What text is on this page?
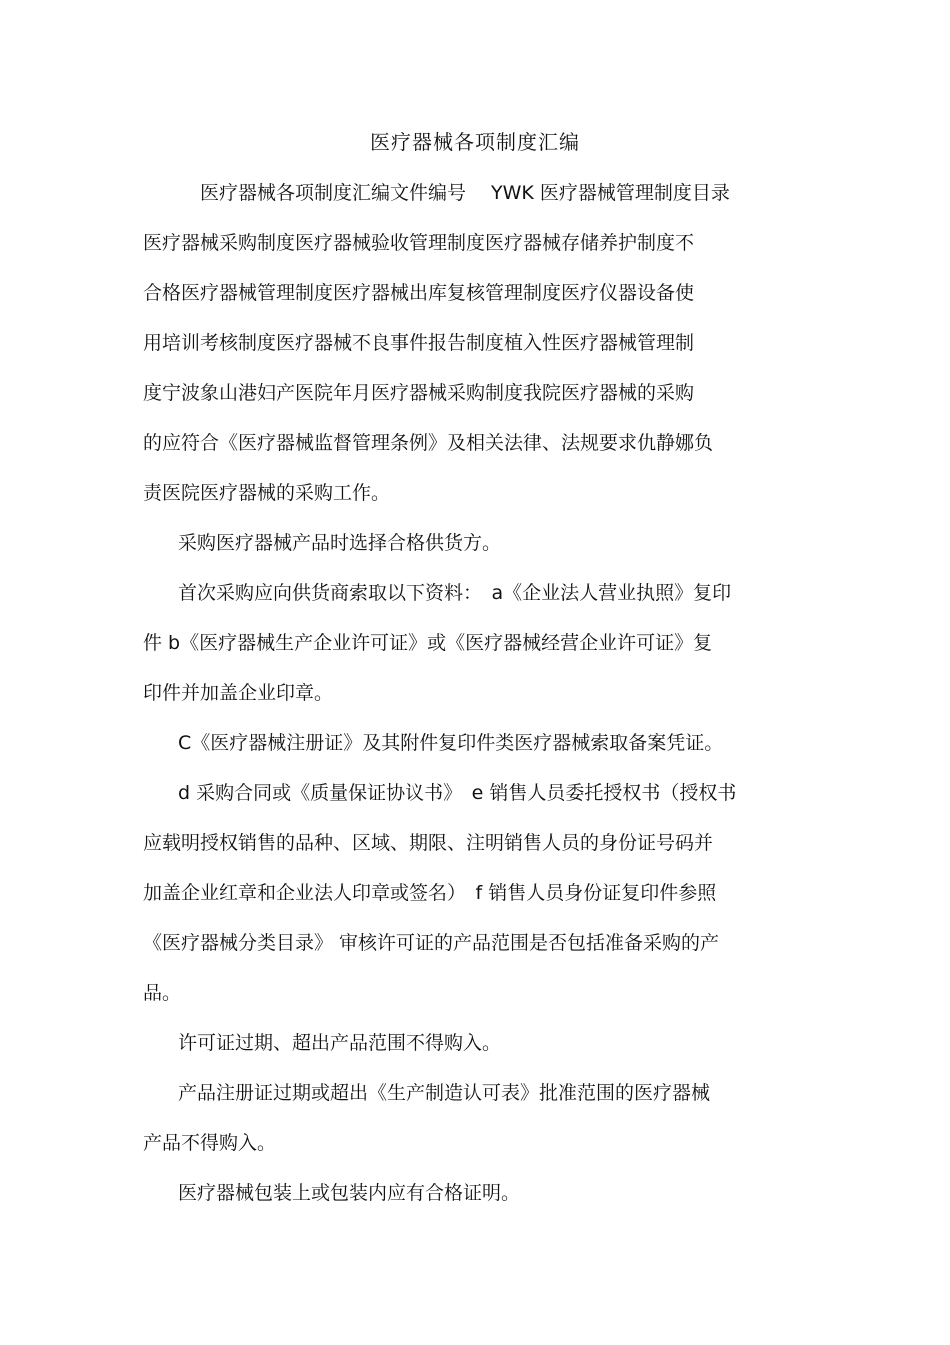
医疗器械各项制度汇编
医疗器械各项制度汇编文件编号　 YWK 医疗器械管理制度目录
医疗器械采购制度医疗器械验收管理制度医疗器械存储养护制度不
合格医疗器械管理制度医疗器械出库复核管理制度医疗仪器设备使
用培训考核制度医疗器械不良事件报告制度植入性医疗器械管理制
度宁波象山港妇产医院年月医疗器械采购制度我院医疗器械的采购
的应符合《医疗器械监督管理条例》及相关法律、法规要求仇静娜负
责医院医疗器械的采购工作。
采购医疗器械产品时选择合格供货方。
首次采购应向供货商索取以下资料：　a《企业法人营业执照》复印
件 b《医疗器械生产企业许可证》或《医疗器械经营企业许可证》复
印件并加盖企业印章。
C《医疗器械注册证》及其附件复印件类医疗器械索取备案凭证。
d 采购合同或《质量保证协议书》　e 销售人员委托授权书（授权书
应载明授权销售的品种、区域、期限、注明销售人员的身份证号码并
加盖企业红章和企业法人印章或签名）　f 销售人员身份证复印件参照
《医疗器械分类目录》 审核许可证的产品范围是否包括准备采购的产
品。
许可证过期、超出产品范围不得购入。
产品注册证过期或超出《生产制造认可表》批准范围的医疗器械
产品不得购入。
医疗器械包装上或包装内应有合格证明。
